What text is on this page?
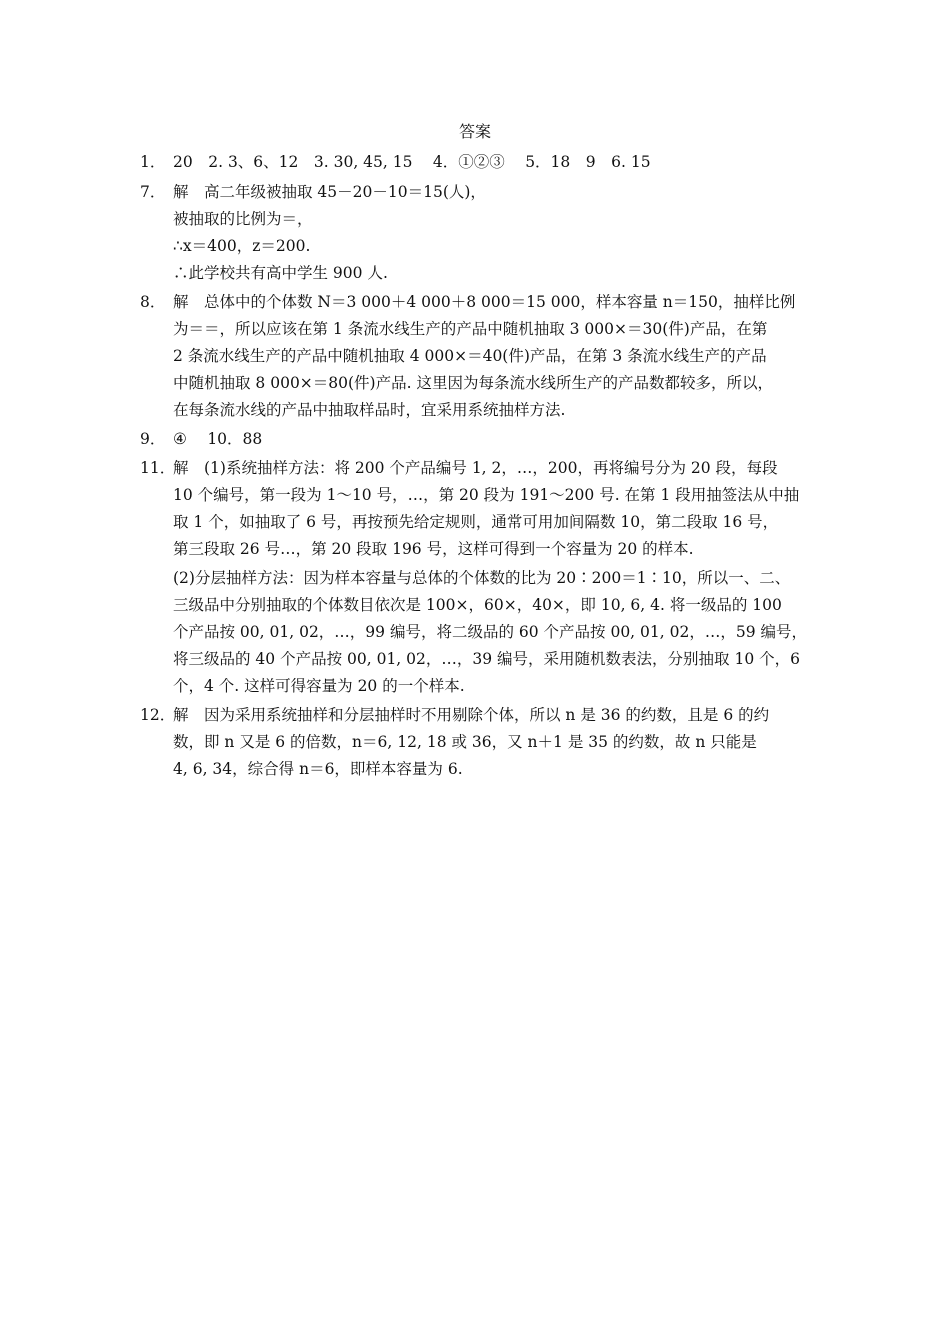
答案
1． 20　2. 3、6、12　3. 30, 45, 15　 4．①②③　 5．18　9　6. 15
7． 解　高二年级被抽取 45－20－10＝15(人)，
被抽取的比例为＝，
∴x＝400，z＝200.
∴此学校共有高中学生 900 人.
8． 解　总体中的个体数 N＝3 000＋4 000＋8 000＝15 000，样本容量 n＝150，抽样比例
为＝＝，所以应该在第 1 条流水线生产的产品中随机抽取 3 000×＝30(件)产品，在第
2 条流水线生产的产品中随机抽取 4 000×＝40(件)产品，在第 3 条流水线生产的产品
中随机抽取 8 000×＝80(件)产品. 这里因为每条流水线所生产的产品数都较多，所以，
在每条流水线的产品中抽取样品时，宜采用系统抽样方法.
9． ④　 10．88
11．
解　(1)系统抽样方法：将 200 个产品编号 1, 2，…，200，再将编号分为 20 段，每段
10 个编号，第一段为 1～10 号，…，第 20 段为 191～200 号. 在第 1 段用抽签法从中抽
取 1 个，如抽取了 6 号，再按预先给定规则，通常可用加间隔数 10，第二段取 16 号，
第三段取 26 号…，第 20 段取 196 号，这样可得到一个容量为 20 的样本.
(2)分层抽样方法：因为样本容量与总体的个体数的比为 20∶200＝1∶10，所以一、二、
三级品中分别抽取的个体数目依次是 100×，60×，40×，即 10, 6, 4. 将一级品的 100
个产品按 00, 01, 02，…，99 编号，将二级品的 60 个产品按 00, 01, 02，…，59 编号，
将三级品的 40 个产品按 00, 01, 02，…，39 编号，采用随机数表法，分别抽取 10 个，6
个，4 个. 这样可得容量为 20 的一个样本.
12．
解　因为采用系统抽样和分层抽样时不用剔除个体，所以 n 是 36 的约数，且是 6 的约
数，即 n 又是 6 的倍数，n＝6, 12, 18 或 36，又 n＋1 是 35 的约数，故 n 只能是
4, 6, 34，综合得 n＝6，即样本容量为 6.
